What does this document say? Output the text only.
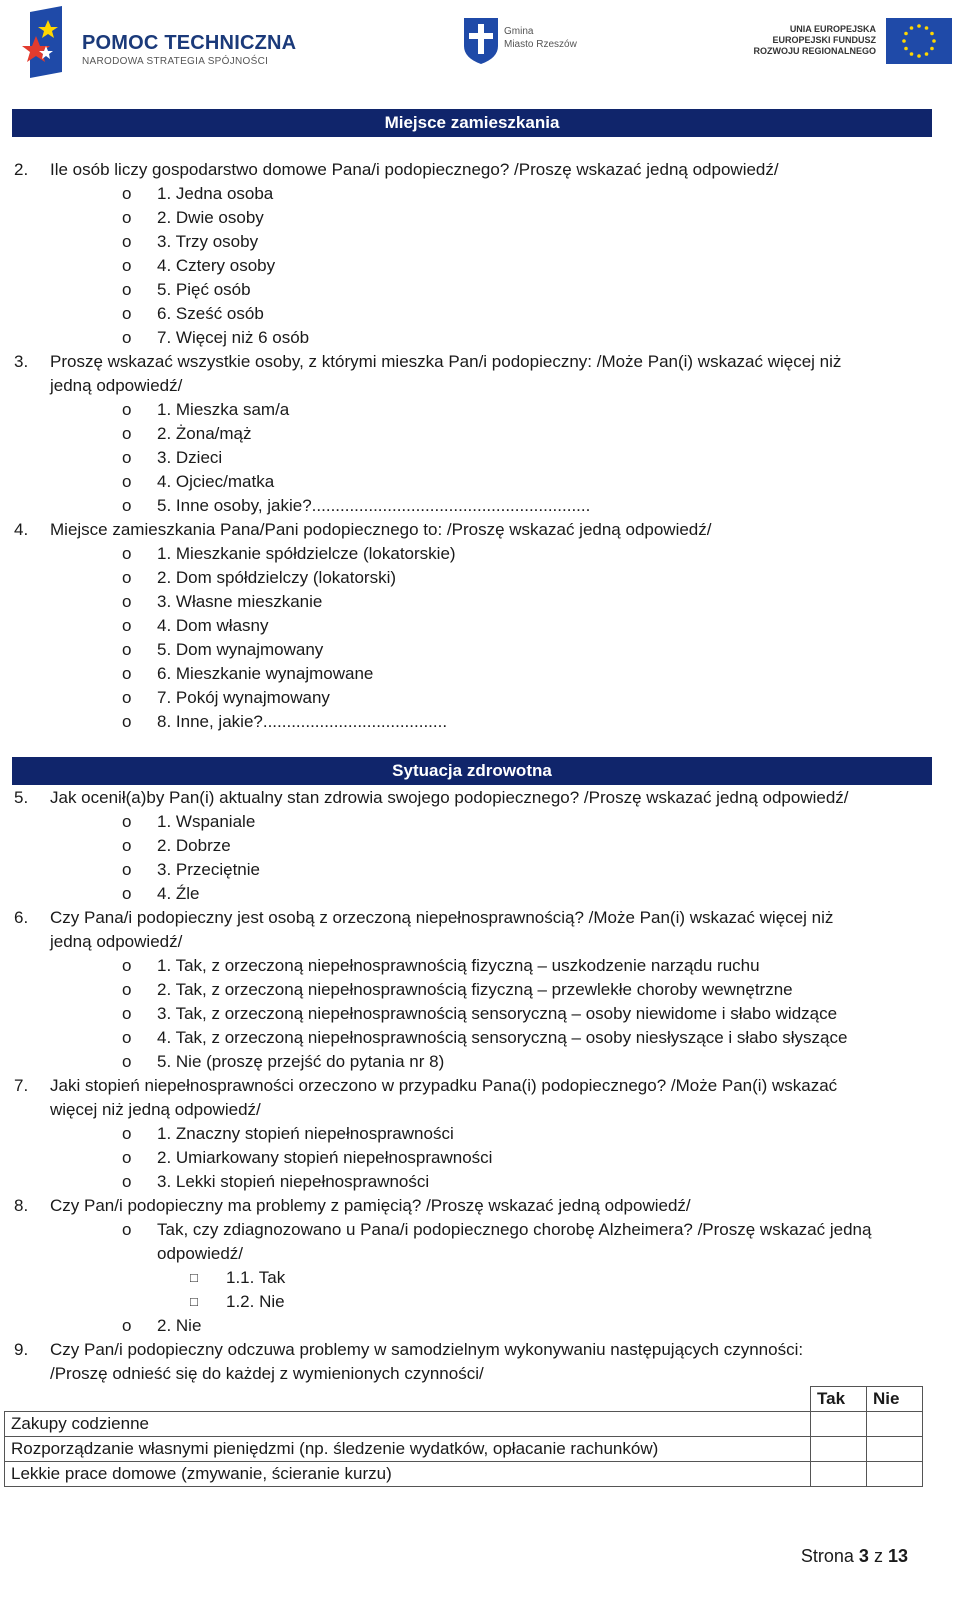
POMOC TECHNICZNA
NARODOWA STRATEGIA SPÓJNOŚCI
Gmina
Miasto Rzeszów
UNIA EUROPEJSKA
EUROPEJSKI FUNDUSZ
ROZWOJU REGIONALNEGO
Miejsce zamieszkania
2. Ile osób liczy gospodarstwo domowe Pana/i podopiecznego? /Proszę wskazać jedną odpowiedź/
o 1. Jedna osoba
o 2. Dwie osoby
o 3. Trzy osoby
o 4. Cztery osoby
o 5. Pięć osób
o 6. Sześć osób
o 7. Więcej niż 6 osób
3. Proszę wskazać wszystkie osoby, z którymi mieszka Pan/i podopieczny: /Może Pan(i) wskazać więcej niż
jedną odpowiedź/
o 1. Mieszka sam/a
o 2. Żona/mąż
o 3. Dzieci
o 4. Ojciec/matka
o 5. Inne osoby, jakie?...........................................................
4. Miejsce zamieszkania Pana/Pani podopiecznego to: /Proszę wskazać jedną odpowiedź/
o 1. Mieszkanie spółdzielcze (lokatorskie)
o 2. Dom spółdzielczy (lokatorski)
o 3. Własne mieszkanie
o 4. Dom własny
o 5. Dom wynajmowany
o 6. Mieszkanie wynajmowane
o 7. Pokój wynajmowany
o 8. Inne, jakie?.......................................
Sytuacja zdrowotna
5. Jak ocenił(a)by Pan(i) aktualny stan zdrowia swojego podopiecznego? /Proszę wskazać jedną odpowiedź/
o 1. Wspaniale
o 2. Dobrze
o 3. Przeciętnie
o 4. Źle
6. Czy Pana/i podopieczny jest osobą z orzeczoną niepełnosprawnością? /Może Pan(i) wskazać więcej niż
jedną odpowiedź/
o 1. Tak, z orzeczoną niepełnosprawnością fizyczną – uszkodzenie narządu ruchu
o 2. Tak, z orzeczoną niepełnosprawnością fizyczną – przewlekłe choroby wewnętrzne
o 3. Tak, z orzeczoną niepełnosprawnością sensoryczną – osoby niewidome i słabo widzące
o 4. Tak, z orzeczoną niepełnosprawnością sensoryczną – osoby niesłyszące i słabo słyszące
o 5. Nie (proszę przejść do pytania nr 8)
7. Jaki stopień niepełnosprawności orzeczono w przypadku Pana(i) podopiecznego? /Może Pan(i) wskazać
więcej niż jedną odpowiedź/
o 1. Znaczny stopień niepełnosprawności
o 2. Umiarkowany stopień niepełnosprawności
o 3. Lekki stopień niepełnosprawności
8. Czy Pan/i podopieczny ma problemy z pamięcią? /Proszę wskazać jedną odpowiedź/
o Tak, czy zdiagnozowano u Pana/i podopiecznego chorobę Alzheimera? /Proszę wskazać jedną
odpowiedź/
□ 1.1. Tak
□ 1.2. Nie
o 2. Nie
9. Czy Pan/i podopieczny odczuwa problemy w samodzielnym wykonywaniu następujących czynności:
/Proszę odnieść się do każdej z wymienionych czynności/
	Tak	Nie
Zakupy codzienne		
Rozporządzanie własnymi pieniędzmi (np. śledzenie wydatków, opłacanie rachunków)		
Lekkie prace domowe (zmywanie, ścieranie kurzu)		
Strona 3 z 13
